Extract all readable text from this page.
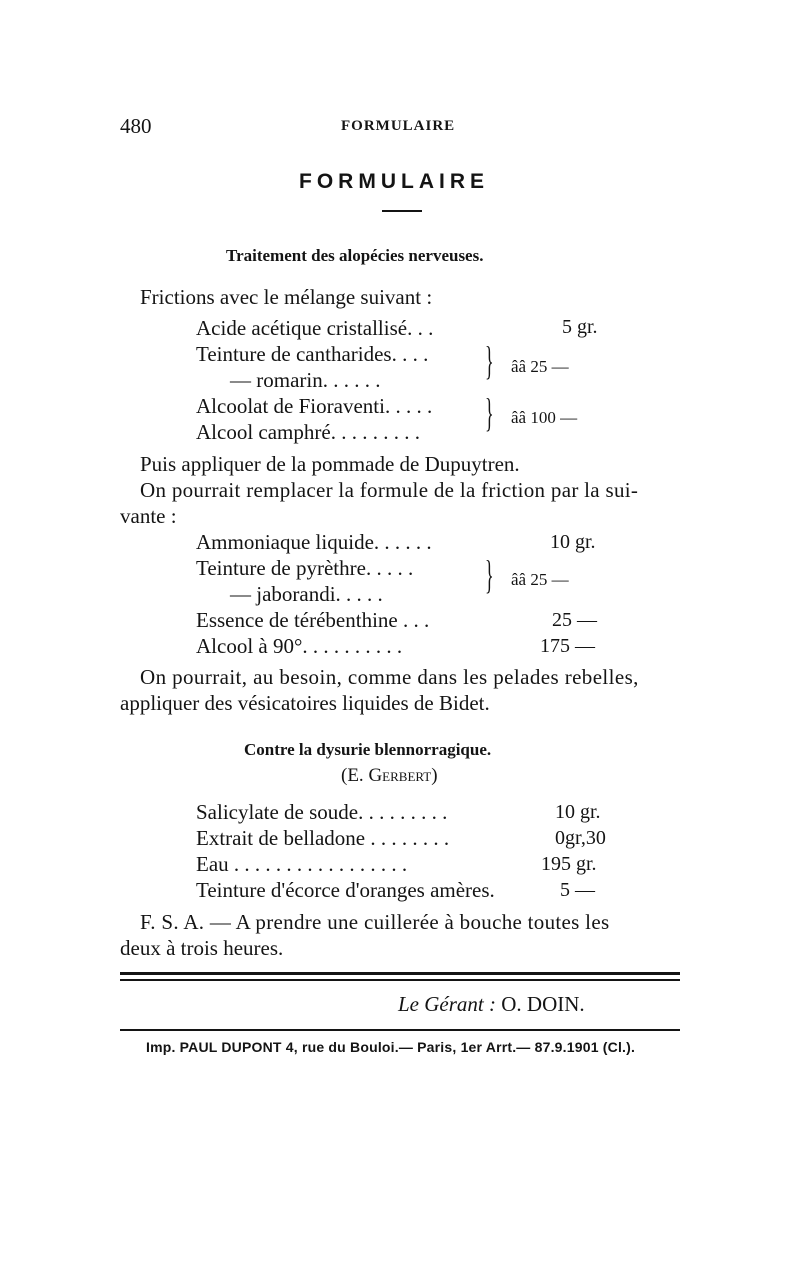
480	FORMULAIRE
FORMULAIRE
Traitement des alopécies nerveuses.
Frictions avec le mélange suivant :
Acide acétique cristallisé. . .	5 gr.
Teinture de cantharides. . . .
— romarin. . . . . .	} ââ 25 —
Alcoolat de Fioraventi. . . . .
Alcool camphré. . . . . . . . . } ââ 100 —
Puis appliquer de la pommade de Dupuytren.
On pourrait remplacer la formule de la friction par la sui-
vante :
Ammoniaque liquide. . . . . .	10 gr.
Teinture de pyrèthre. . . . .
— jaborandi. . . . .	} ââ 25 —
Essence de térébenthine . . .	25 —
Alcool à 90°. . . . . . . . . .	175 —
On pourrait, au besoin, comme dans les pelades rebelles,
appliquer des vésicatoires liquides de Bidet.
Contre la dysurie blennorragique.
(E. Gerbert)
Salicylate de soude. . . . . . . . .	10 gr.
Extrait de belladone . . . . . . . .	0gr,30
Eau . . . . . . . . . . . . . . . . .	195 gr.
Teinture d'écorce d'oranges amères.	5 —
F. S. A. — A prendre une cuillerée à bouche toutes les
deux à trois heures.
Le Gérant : O. DOIN.
Imp. PAUL DUPONT 4, rue du Bouloi.— Paris, 1er Arrt.— 87.9.1901 (Cl.).
